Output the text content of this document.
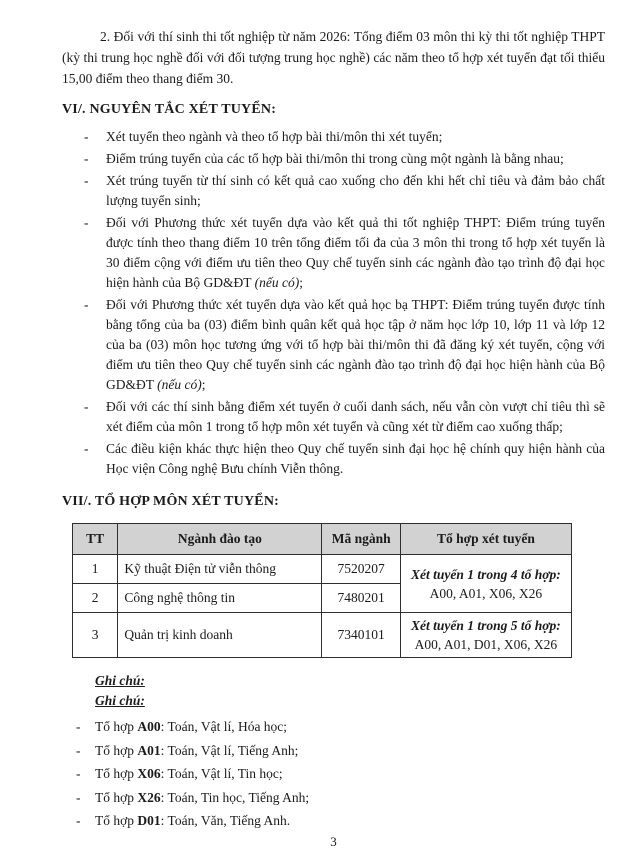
2. Đối với thí sinh thi tốt nghiệp từ năm 2026: Tổng điểm 03 môn thi kỳ thi tốt nghiệp THPT (kỳ thi trung học nghề đối với đối tượng trung học nghề) các năm theo tổ hợp xét tuyển đạt tối thiểu 15,00 điểm theo thang điểm 30.

VI/. NGUYÊN TẮC XÉT TUYỂN:
- Xét tuyển theo ngành và theo tổ hợp bài thi/môn thi xét tuyển;
- Điểm trúng tuyển của các tổ hợp bài thi/môn thi trong cùng một ngành là bằng nhau;
- Xét trúng tuyển từ thí sinh có kết quả cao xuống cho đến khi hết chỉ tiêu và đảm bảo chất lượng tuyển sinh;
- Đối với Phương thức xét tuyển dựa vào kết quả thi tốt nghiệp THPT: Điểm trúng tuyển được tính theo thang điểm 10 trên tổng điểm tối đa của 3 môn thi trong tổ hợp xét tuyển là 30 điểm cộng với điểm ưu tiên theo Quy chế tuyển sinh các ngành đào tạo trình độ đại học hiện hành của Bộ GD&ĐT (nếu có);
- Đối với Phương thức xét tuyển dựa vào kết quả học bạ THPT: Điểm trúng tuyển được tính bằng tổng của ba (03) điểm bình quân kết quả học tập ở năm học lớp 10, lớp 11 và lớp 12 của ba (03) môn học tương ứng với tổ hợp bài thi/môn thi đã đăng ký xét tuyển, cộng với điểm ưu tiên theo Quy chế tuyển sinh các ngành đào tạo trình độ đại học hiện hành của Bộ GD&ĐT (nếu có);
- Đối với các thí sinh bằng điểm xét tuyển ở cuối danh sách, nếu vẫn còn vượt chỉ tiêu thì sẽ xét điểm của môn 1 trong tổ hợp môn xét tuyển và cũng xét từ điểm cao xuống thấp;
- Các điều kiện khác thực hiện theo Quy chế tuyển sinh đại học hệ chính quy hiện hành của Học viện Công nghệ Bưu chính Viễn thông.
VII/. TỔ HỢP MÔN XÉT TUYỂN:
TT	Ngành đào tạo	Mã ngành	Tổ hợp xét tuyển
1	Kỹ thuật Điện tử viễn thông	7520207	Xét tuyển 1 trong 4 tổ hợp:
A00, A01, X06, X26

2	Công nghệ thông tin	7480201	
3	Quản trị kinh doanh	7340101	Xét tuyển 1 trong 5 tổ hợp:
A00, A01, D01, X06, X26

Ghi chú:

Ghi chú:

- Tổ hợp A00: Toán, Vật lí, Hóa học;
- Tổ hợp A01: Toán, Vật lí, Tiếng Anh;
- Tổ hợp X06: Toán, Vật lí, Tin học;
- Tổ hợp X26: Toán, Tin học, Tiếng Anh;
- Tổ hợp D01: Toán, Văn, Tiếng Anh.
3
